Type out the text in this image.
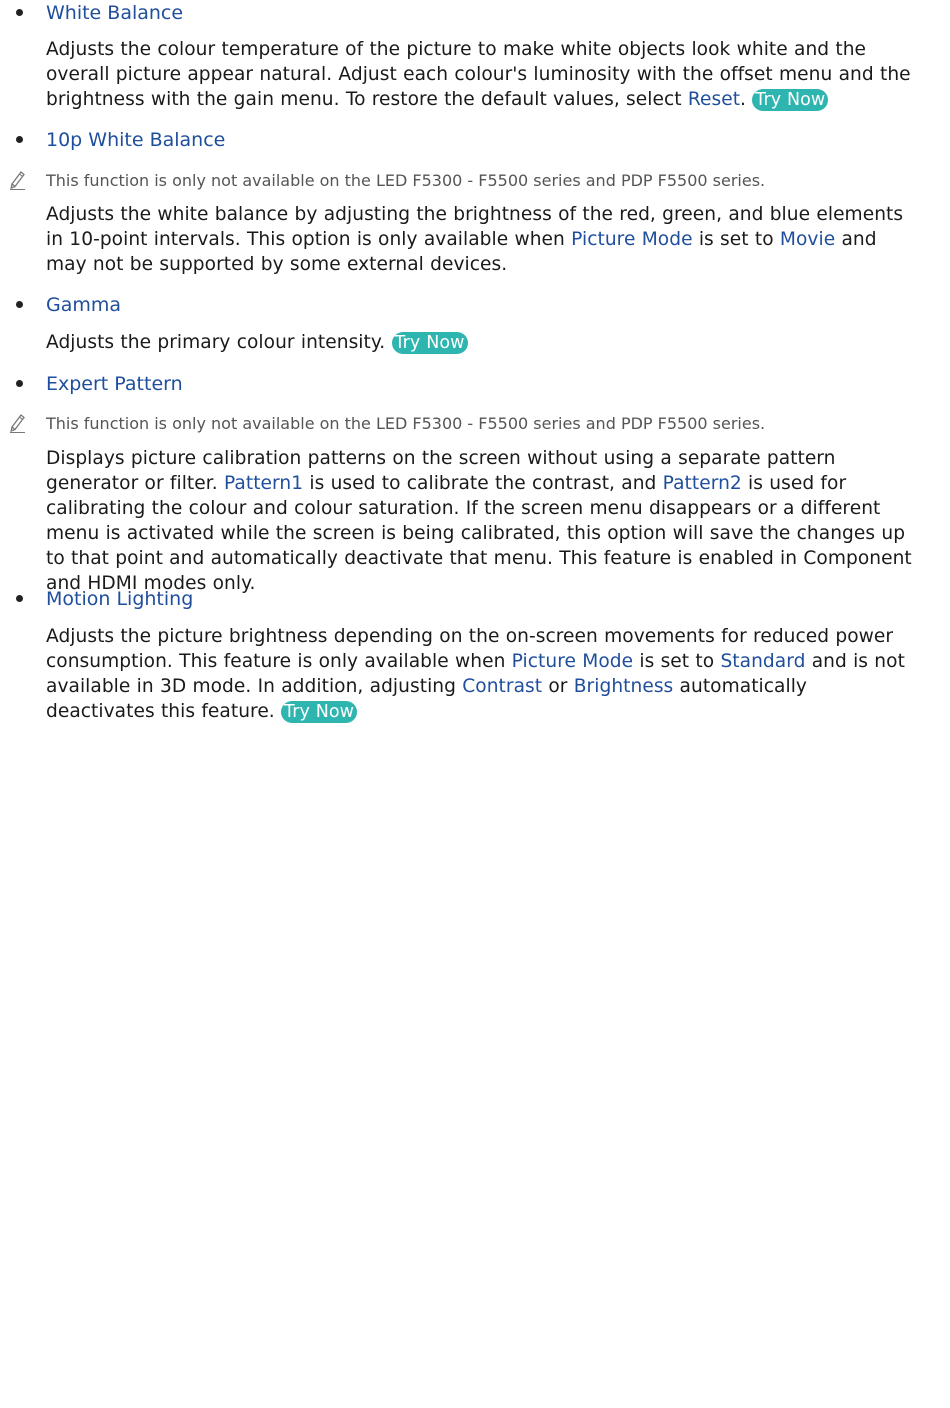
White Balance
Adjusts the colour temperature of the picture to make white objects look white and the overall picture appear natural. Adjust each colour's luminosity with the offset menu and the brightness with the gain menu. To restore the default values, select Reset. Try Now
10p White Balance
This function is only not available on the LED F5300 - F5500 series and PDP F5500 series.
Adjusts the white balance by adjusting the brightness of the red, green, and blue elements in 10-point intervals. This option is only available when Picture Mode is set to Movie and may not be supported by some external devices.
Gamma
Adjusts the primary colour intensity. Try Now
Expert Pattern
This function is only not available on the LED F5300 - F5500 series and PDP F5500 series.
Displays picture calibration patterns on the screen without using a separate pattern generator or filter. Pattern1 is used to calibrate the contrast, and Pattern2 is used for calibrating the colour and colour saturation. If the screen menu disappears or a different menu is activated while the screen is being calibrated, this option will save the changes up to that point and automatically deactivate that menu. This feature is enabled in Component and HDMI modes only.
Motion Lighting
Adjusts the picture brightness depending on the on-screen movements for reduced power consumption. This feature is only available when Picture Mode is set to Standard and is not available in 3D mode. In addition, adjusting Contrast or Brightness automatically deactivates this feature. Try Now
